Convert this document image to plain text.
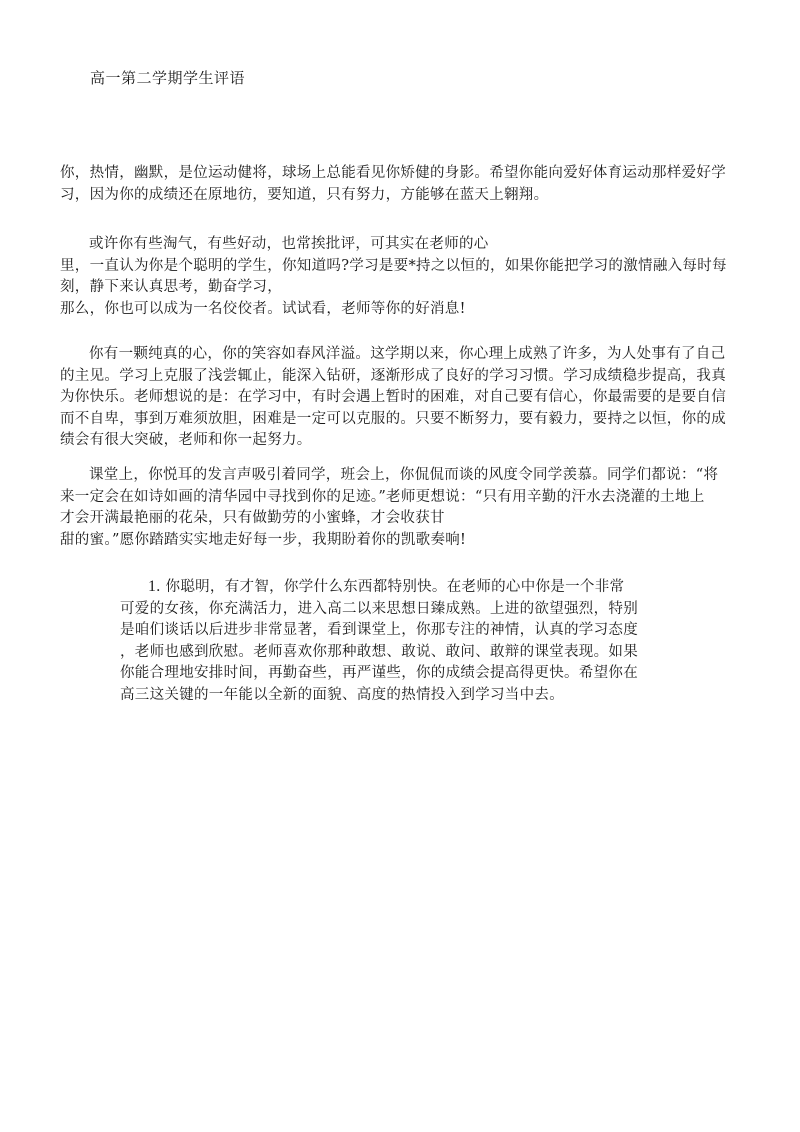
高一第二学期学生评语
你，热情，幽默，是位运动健将，球场上总能看见你矫健的身影。希望你能向爱好体育运动那样爱好学
习，因为你的成绩还在原地彷，要知道，只有努力，方能够在蓝天上翱翔。
或许你有些淘气，有些好动，也常挨批评，可其实在老师的心
里，一直认为你是个聪明的学生，你知道吗?学习是要*持之以恒的，如果你能把学习的激情融入每时每
刻，静下来认真思考，勤奋学习，
那么，你也可以成为一名佼佼者。试试看，老师等你的好消息!
你有一颗纯真的心，你的笑容如春风洋溢。这学期以来，你心理上成熟了许多，为人处事有了自己
的主见。学习上克服了浅尝辄止，能深入钻研，逐渐形成了良好的学习习惯。学习成绩稳步提高，我真
为你快乐。老师想说的是：在学习中，有时会遇上暂时的困难，对自己要有信心，你最需要的是要自信
而不自卑，事到万难须放胆，困难是一定可以克服的。只要不断努力，要有毅力，要持之以恒，你的成
绩会有很大突破，老师和你一起努力。
课堂上，你悦耳的发言声吸引着同学，班会上，你侃侃而谈的风度令同学羡慕。同学们都说：“将
来一定会在如诗如画的清华园中寻找到你的足迹。”老师更想说：“只有用辛勤的汗水去浇灌的土地上
才会开满最艳丽的花朵，只有做勤劳的小蜜蜂，才会收获甘
甜的蜜。”愿你踏踏实实地走好每一步，我期盼着你的凯歌奏响!
1. 你聪明，有才智，你学什么东西都特别快。在老师的心中你是一个非常
可爱的女孩，你充满活力，进入高二以来思想日臻成熟。上进的欲望强烈，特别
是咱们谈话以后进步非常显著，看到课堂上，你那专注的神情，认真的学习态度
，老师也感到欣慰。老师喜欢你那种敢想、敢说、敢问、敢辩的课堂表现。如果
你能合理地安排时间，再勤奋些，再严谨些，你的成绩会提高得更快。希望你在
高三这关键的一年能以全新的面貌、高度的热情投入到学习当中去。
